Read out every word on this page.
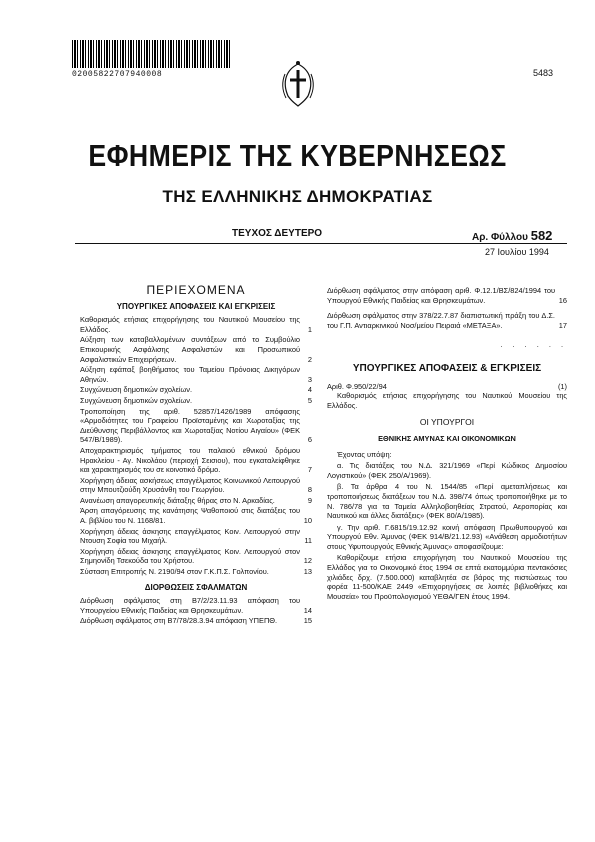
02005822707940008	5483
ΕΦΗΜΕΡΙΣ ΤΗΣ ΚΥΒΕΡΝΗΣΕΩΣ
ΤΗΣ ΕΛΛΗΝΙΚΗΣ ΔΗΜΟΚΡΑΤΙΑΣ
ΤΕΥΧΟΣ ΔΕΥΤΕΡΟ	Αρ. Φύλλου 582
27 Ιουλίου 1994
ΠΕΡΙΕΧΟΜΕΝΑ
ΥΠΟΥΡΓΙΚΕΣ ΑΠΟΦΑΣΕΙΣ ΚΑΙ ΕΓΚΡΙΣΕΙΣ
Καθορισμός ετήσιας επιχορήγησης του Ναυτικού Μουσείου της Ελλάδος.	1
Αύξηση των καταβαλλομένων συντάξεων από το Συμβούλιο Επικουρικής Ασφάλισης Ασφαλιστών και Προσωπικού Ασφαλιστικών Επιχειρήσεων.	2
Αύξηση εφάπαξ βοηθήματος του Ταμείου Πρόνοιας Δικηγόρων Αθηνών.	3
Συγχώνευση δημοτικών σχολείων.	4
Συγχώνευση δημοτικών σχολείων.	5
Τροποποίηση της αριθ. 52857/1426/1989 απόφασης «Αρμοδιότητες του Γραφείου Προϊσταμένης και Χωροταξίας της Διεύθυνσης Περιβάλλοντος και Χωροταξίας Νοτίου Αιγαίου» (ΦΕΚ 547/Β/1989).	6
Αποχαρακτηρισμός τμήματος του παλαιού εθνικού δρόμου Ηρακλείου - Αγ. Νικολάου (περιοχή Σεισιου), που εγκαταλείφθηκε και χαρακτηρισμός του σε κοινοτικό δρόμο.	7
Χορήγηση άδειας ασκήσεως επαγγέλματος Κοινωνικού Λειτουργού στην Μπουτζιούδη Χρυσάνθη του Γεωργίου.	8
Ανανέωση απαγορευτικής διάταξης θήρας στο Ν. Αρκαδίας.	9
Άρση απαγόρευσης της κανάτησης Ψαθοποιού στις διατάξεις του Α. βιβλίου του Ν. 1168/81.	10
Χορήγηση άδειας άσκησης επαγγέλματος Κοιν. Λειτουργού στην Ντουση Σοφία του Μιχαήλ.	11
Χορήγηση άδειας άσκησης επαγγέλματος Κοιν. Λειτουργού στον Σημηονίδη Τσεκούδα του Χρήστου.	12
Σύσταση Επιτροπής Ν. 2190/94 στον Γ.Κ.Π.Σ. Γολπονίου.	13
ΔΙΟΡΘΩΣΕΙΣ ΣΦΑΛΜΑΤΩΝ
Διόρθωση σφάλματος στη Β7/2/23.11.93 απόφαση του Υπουργείου Εθνικής Παιδείας και Θρησκευμάτων.	14
Διόρθωση σφάλματος στη Β7/78/28.3.94 απόφαση ΥΠΕΠΘ.	15
Διόρθωση σφάλματος στην απόφαση αριθ. Φ.12.1/ΒΣ/824/1994 του Υπουργού Εθνικής Παιδείας και Θρησκευμάτων.	16
Διόρθωση σφάλματος στην 378/22.7.87 διαπιστωτική πράξη του Δ.Σ. του Γ.Π. Αντιαρκινικού Νοσ/μείου Πειραιά «ΜΕΤΑΞΑ».	17
. . . . . .
ΥΠΟΥΡΓΙΚΕΣ ΑΠΟΦΑΣΕΙΣ & ΕΓΚΡΙΣΕΙΣ
Αριθ. Φ.950/22/94	(1)

Καθορισμός ετήσιας επιχορήγησης του Ναυτικού Μουσείου της Ελλάδος.

ΟΙ ΥΠΟΥΡΓΟΙ
ΕΘΝΙΚΗΣ ΑΜΥΝΑΣ ΚΑΙ ΟΙΚΟΝΟΜΙΚΩΝ

Έχοντας υπόψη:

α. Τις διατάξεις του Ν.Δ. 321/1969 «Περί Κώδικος Δημοσίου Λογιστικού» (ΦΕΚ 250/Α/1969).

β. Τα άρθρα 4 του Ν. 1544/85 «Περί αμεταπλήσεως και τροποποιήσεως διατάξεων του Ν.Δ. 398/74 όπως τροποποιήθηκε με το Ν. 786/78 για τα Ταμεία Αλληλοβοηθείας Στρατού, Αεροπορίας και Ναυτικού και άλλες διατάξεις» (ΦΕΚ 80/Α/1985).

γ. Την αριθ. Γ.6815/19.12.92 κοινή απόφαση Πρωθυπουργού και Υπουργού Εθν. Άμυνας (ΦΕΚ 914/Β/21.12.93) «Ανάθεση αρμοδιοτήτων στους Υφυπουργούς Εθνικής Άμυνας» αποφασίζουμε:

Καθορίζουμε ετήσια επιχορήγηση του Ναυτικού Μουσείου της Ελλάδος για το Οικονομικό έτος 1994 σε επτά εκατομμύρια πεντακόσιες χιλιάδες δρχ. (7.500.000) καταβλητέα σε βάρος της πιστώσεως του φορέα 11-500/ΚΑΕ 2449 «Επιχορηγήσεις σε λοιπές βιβλιοθήκες και Μουσεία» του Προϋπολογισμού ΥΕΘΑ/ΓΕΝ έτους 1994.
